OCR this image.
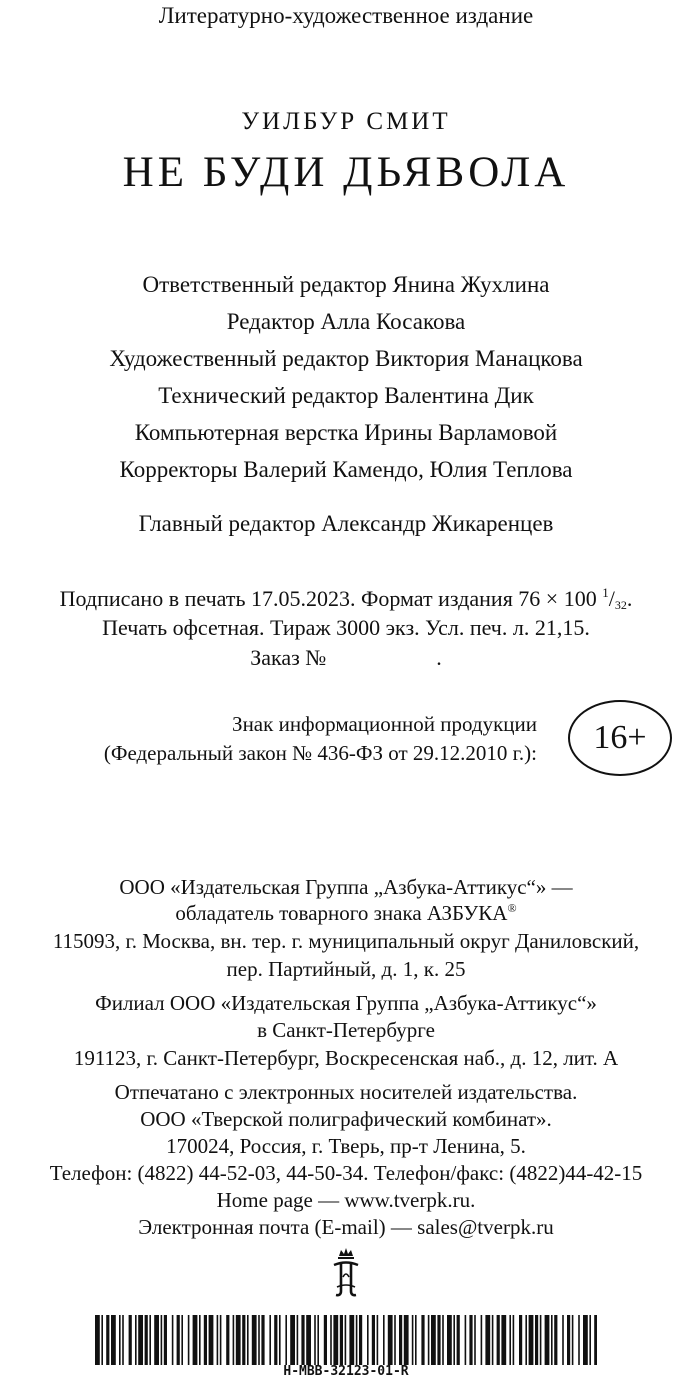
Литературно-художественное издание
УИЛБУР СМИТ
НЕ БУДИ ДЬЯВОЛА
Ответственный редактор Янина Жухлина
Редактор Алла Косакова
Художественный редактор Виктория Манацкова
Технический редактор Валентина Дик
Компьютерная верстка Ирины Варламовой
Корректоры Валерий Камендо, Юлия Теплова
Главный редактор Александр Жикаренцев
Подписано в печать 17.05.2023. Формат издания 76 × 100 $^1/_{32}$.
Печать офсетная. Тираж 3000 экз. Усл. печ. л. 21,15.
Заказ №	.
Знак информационной продукции
(Федеральный закон № 436-ФЗ от 29.12.2010 г.):	16+
ООО «Издательская Группа „Азбука-Аттикус“» —
обладатель товарного знака АЗБУКА®
115093, г. Москва, вн. тер. г. муниципальный округ Даниловский,
пер. Партийный, д. 1, к. 25
Филиал ООО «Издательская Группа „Азбука-Аттикус“»
в Санкт-Петербурге
191123, г. Санкт-Петербург, Воскресенская наб., д. 12, лит. А
Отпечатано с электронных носителей издательства.
ООО «Тверской полиграфический комбинат».
170024, Россия, г. Тверь, пр-т Ленина, 5.
Телефон: (4822) 44-52-03, 44-50-34. Телефон/факс: (4822)44-42-15
Home page — www.tverpk.ru.
Электронная почта (E-mail) — sales@tverpk.ru
Н-МВВ-32123-01-R
